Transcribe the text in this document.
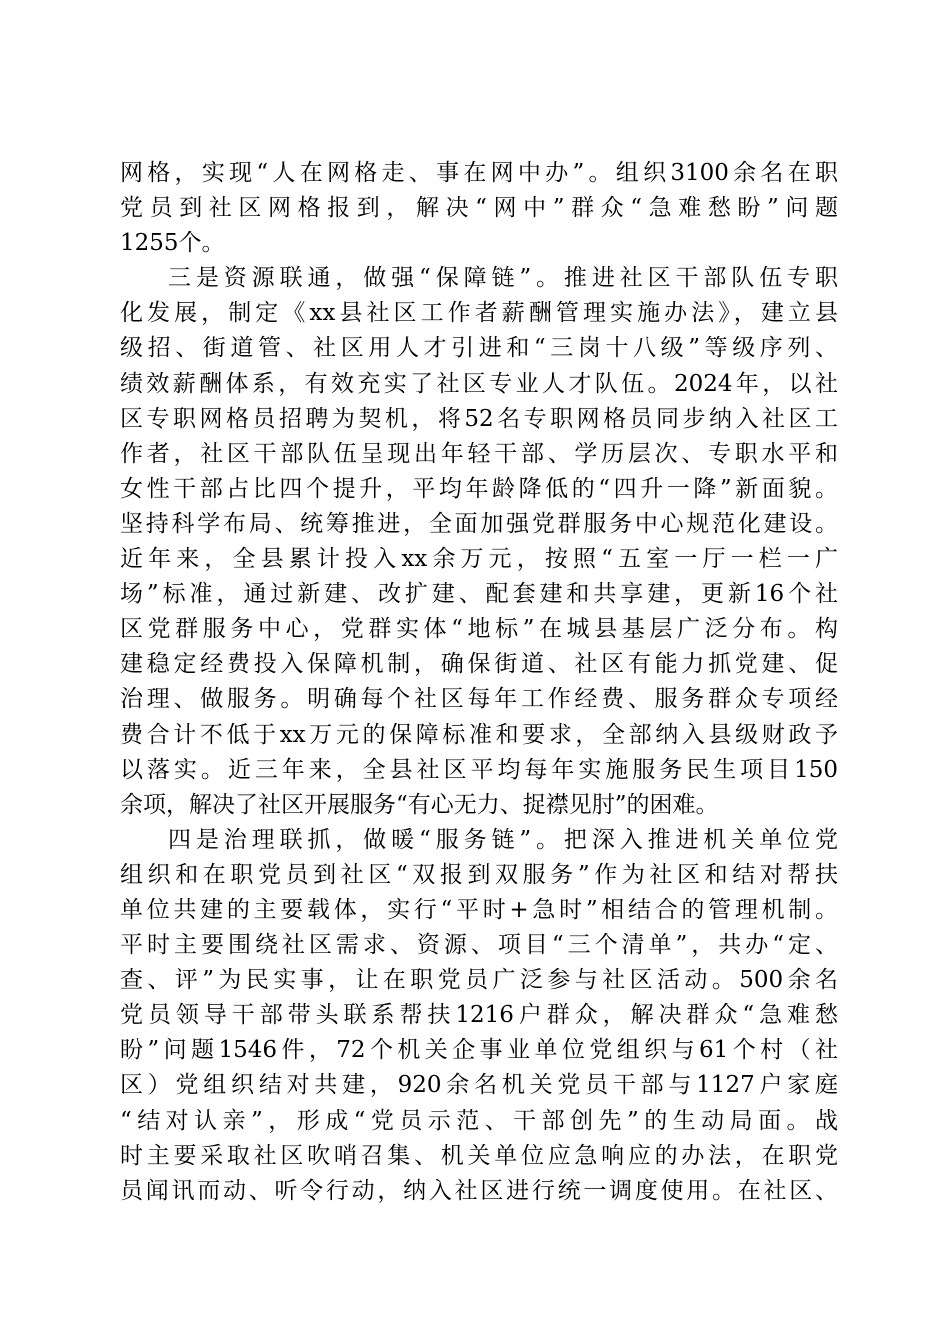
网格，实现“人在网格走、事在网中办”。组织3100余名在职
党员到社区网格报到，解决“网中”群众“急难愁盼”问题
1255个。
三是资源联通，做强“保障链”。推进社区干部队伍专职
化发展，制定《xx县社区工作者薪酬管理实施办法》，建立县
级招、街道管、社区用人才引进和“三岗十八级”等级序列、
绩效薪酬体系，有效充实了社区专业人才队伍。2024年，以社
区专职网格员招聘为契机，将52名专职网格员同步纳入社区工
作者，社区干部队伍呈现出年轻干部、学历层次、专职水平和
女性干部占比四个提升，平均年龄降低的“四升一降”新面貌。
坚持科学布局、统筹推进，全面加强党群服务中心规范化建设。
近年来，全县累计投入xx余万元，按照“五室一厅一栏一广
场”标准，通过新建、改扩建、配套建和共享建，更新16个社
区党群服务中心，党群实体“地标”在城县基层广泛分布。构
建稳定经费投入保障机制，确保街道、社区有能力抓党建、促
治理、做服务。明确每个社区每年工作经费、服务群众专项经
费合计不低于xx万元的保障标准和要求，全部纳入县级财政予
以落实。近三年来，全县社区平均每年实施服务民生项目150
余项，解决了社区开展服务“有心无力、捉襟见肘”的困难。
四是治理联抓，做暖“服务链”。把深入推进机关单位党
组织和在职党员到社区“双报到双服务”作为社区和结对帮扶
单位共建的主要载体，实行“平时+急时”相结合的管理机制。
平时主要围绕社区需求、资源、项目“三个清单”，共办“定、
查、评”为民实事，让在职党员广泛参与社区活动。500余名
党员领导干部带头联系帮扶1216户群众，解决群众“急难愁
盼”问题1546件，72个机关企事业单位党组织与61个村（社
区）党组织结对共建，920余名机关党员干部与1127户家庭
“结对认亲”，形成“党员示范、干部创先”的生动局面。战
时主要采取社区吹哨召集、机关单位应急响应的办法，在职党
员闻讯而动、听令行动，纳入社区进行统一调度使用。在社区、
